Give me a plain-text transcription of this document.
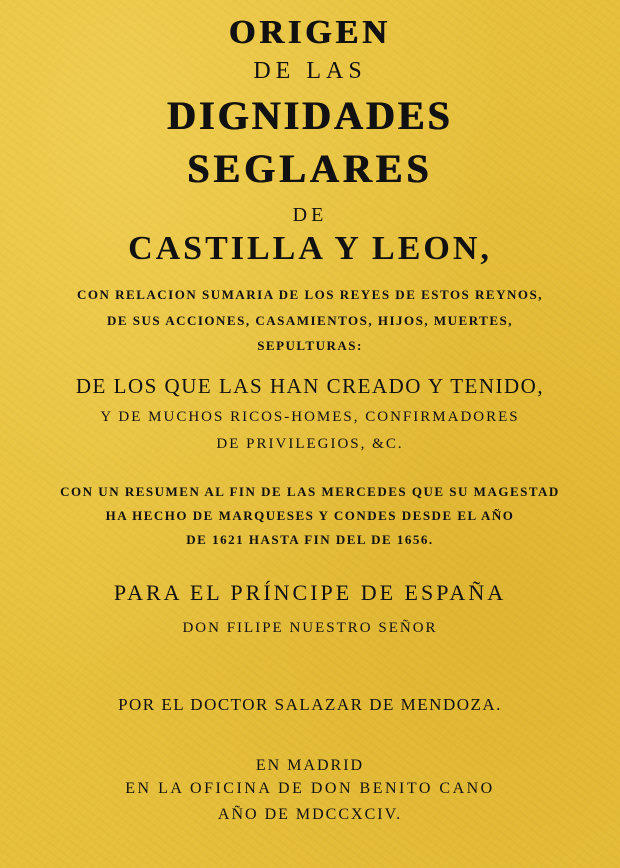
ORIGEN
DE LAS
DIGNIDADES
SEGLARES
DE
CASTILLA Y LEON,
CON RELACION SUMARIA DE LOS REYES DE ESTOS REYNOS,
DE SUS ACCIONES, CASAMIENTOS, HIJOS, MUERTES,
SEPULTURAS:
DE LOS QUE LAS HAN CREADO Y TENIDO,
Y DE MUCHOS RICOS-HOMES, CONFIRMADORES
DE PRIVILEGIOS, &C.
CON UN RESUMEN AL FIN DE LAS MERCEDES QUE SU MAGESTAD
HA HECHO DE MARQUESES Y CONDES DESDE EL AÑO
DE 1621 HASTA FIN DEL DE 1656.
PARA EL PRÍNCIPE DE ESPAÑA
DON FILIPE NUESTRO SEÑOR
POR EL DOCTOR SALAZAR DE MENDOZA.
EN MADRID
EN LA OFICINA DE DON BENITO CANO
AÑO DE MDCCXCIV.
